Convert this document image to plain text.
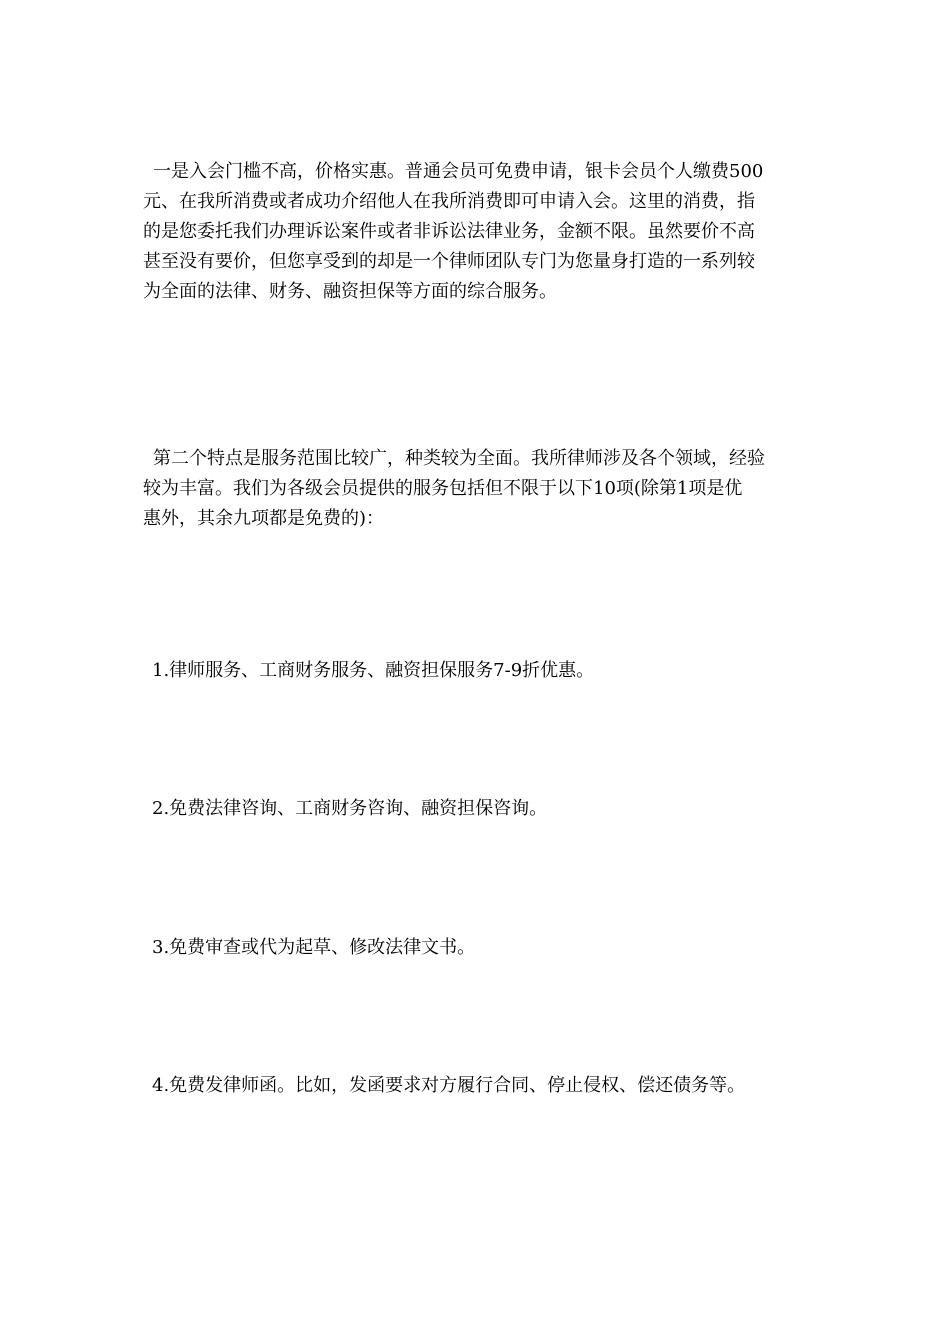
一是入会门槛不高，价格实惠。普通会员可免费申请，银卡会员个人缴费500
元、在我所消费或者成功介绍他人在我所消费即可申请入会。这里的消费，指
的是您委托我们办理诉讼案件或者非诉讼法律业务，金额不限。虽然要价不高
甚至没有要价，但您享受到的却是一个律师团队专门为您量身打造的一系列较
为全面的法律、财务、融资担保等方面的综合服务。
第二个特点是服务范围比较广，种类较为全面。我所律师涉及各个领域，经验
较为丰富。我们为各级会员提供的服务包括但不限于以下10项(除第1项是优
惠外，其余九项都是免费的)：
1.律师服务、工商财务服务、融资担保服务7-9折优惠。
2.免费法律咨询、工商财务咨询、融资担保咨询。
3.免费审查或代为起草、修改法律文书。
4.免费发律师函。比如，发函要求对方履行合同、停止侵权、偿还债务等。
